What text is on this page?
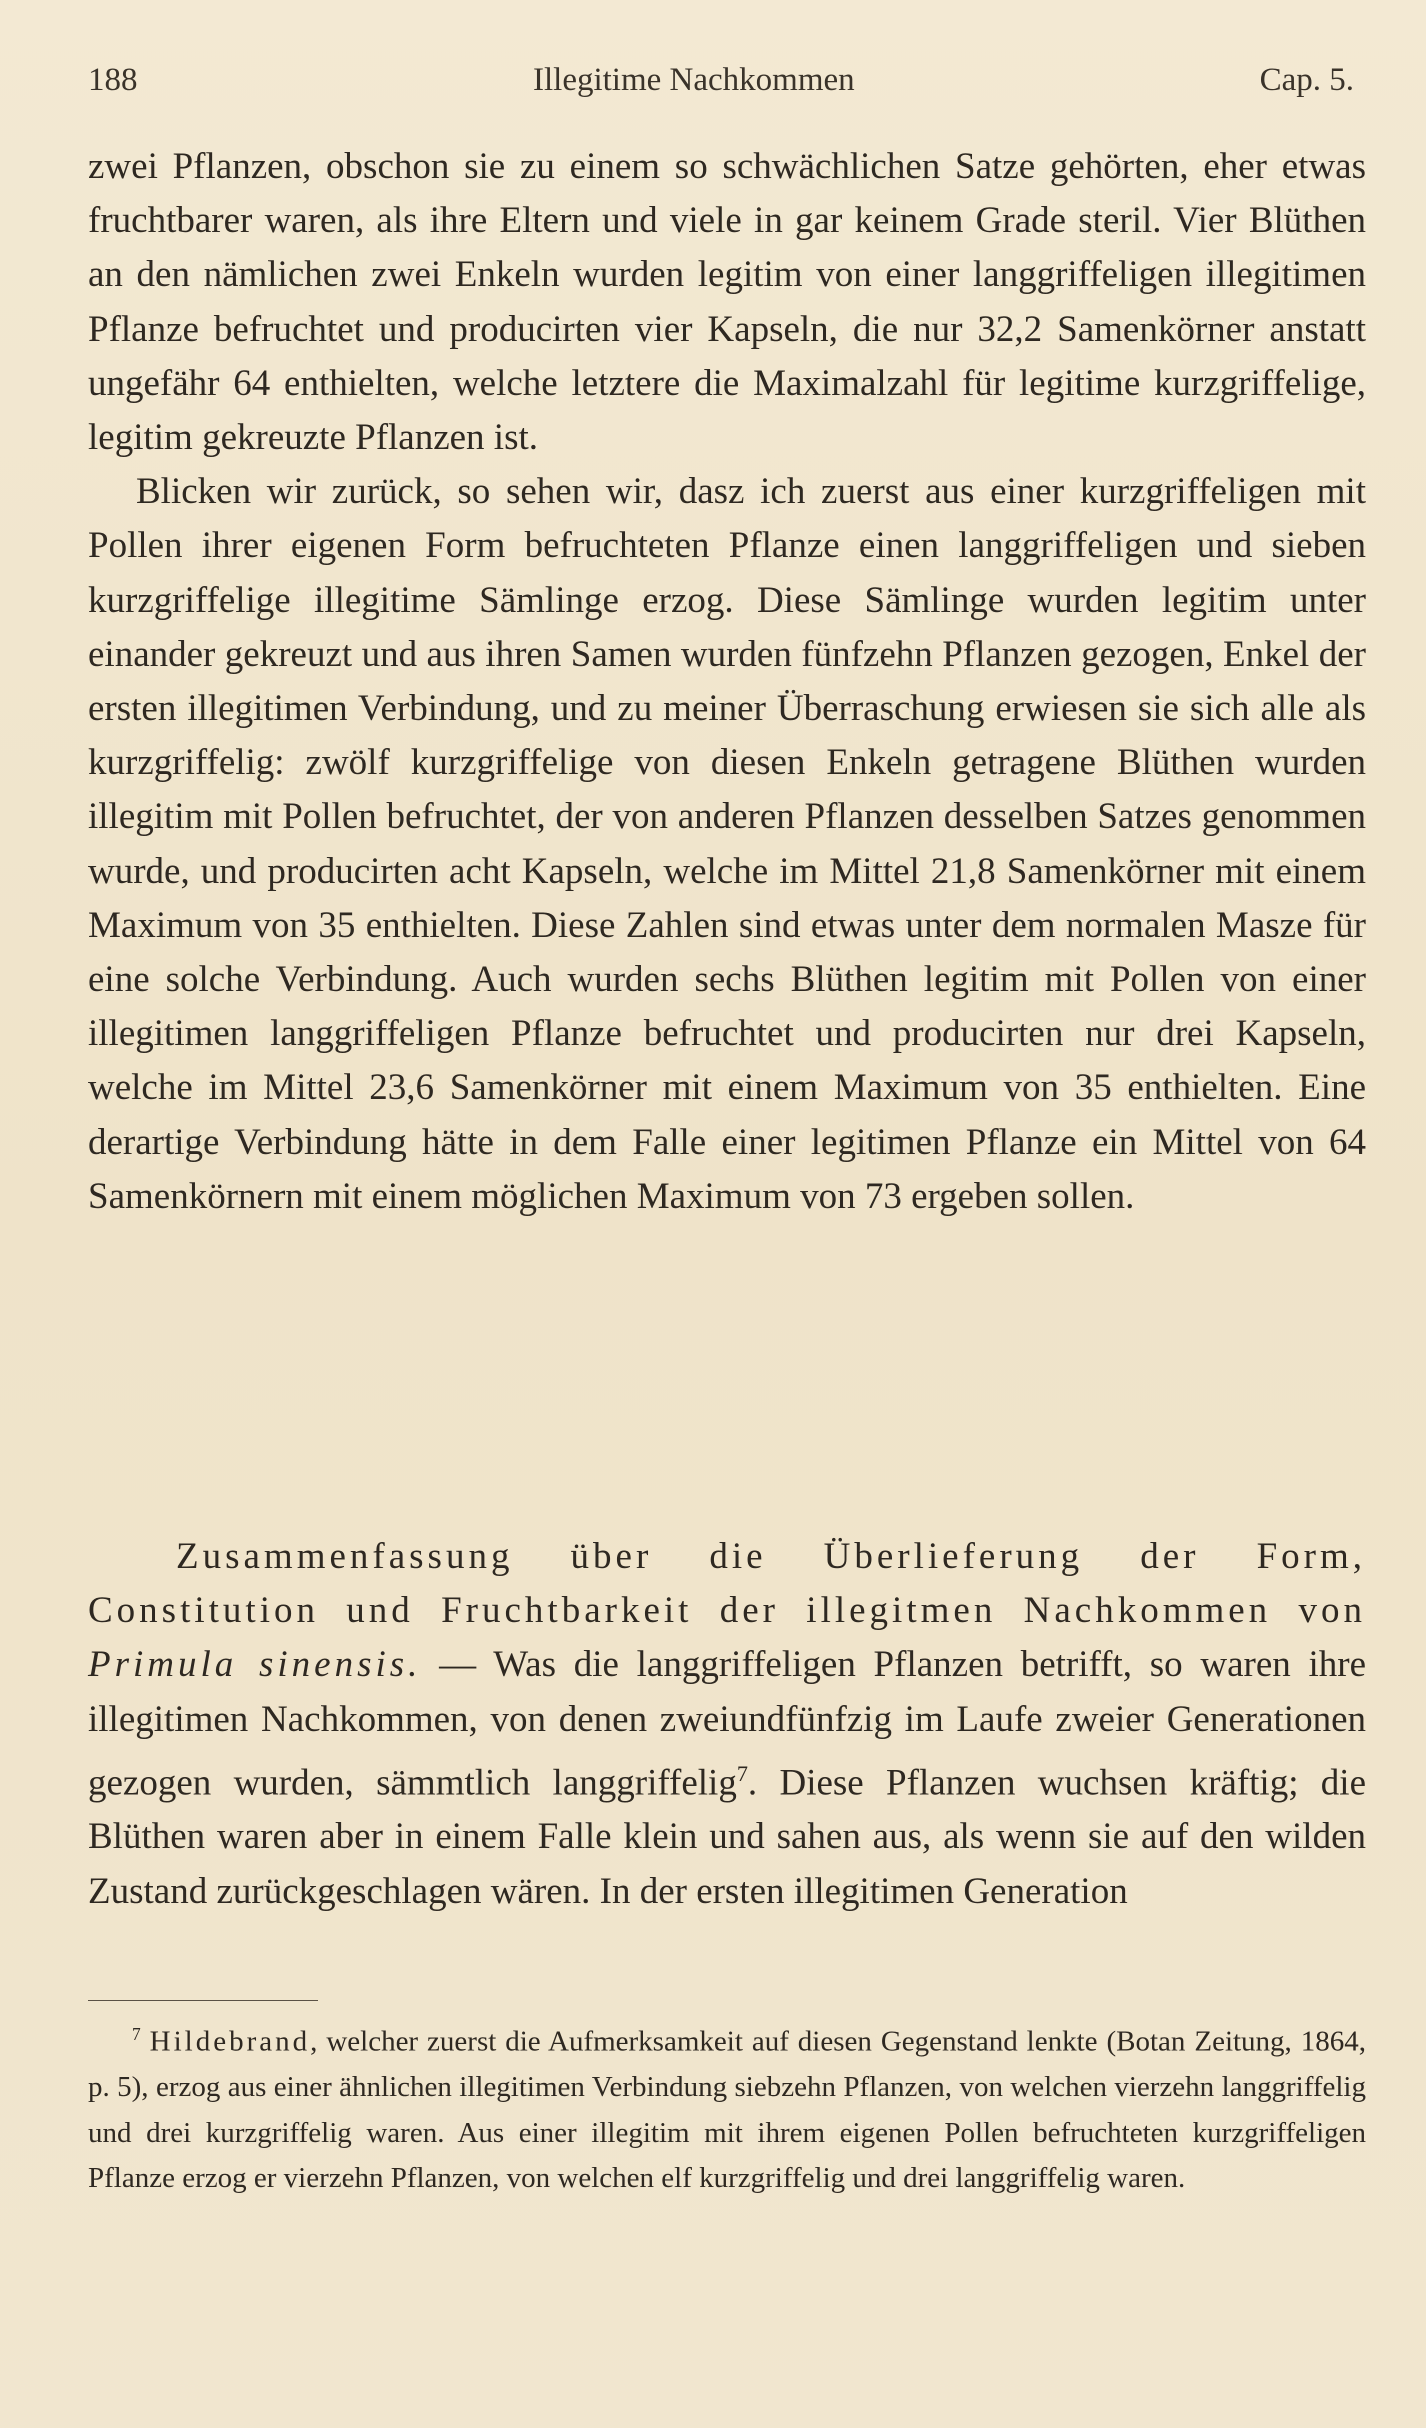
188	Illegitime Nachkommen	Cap. 5.

zwei Pflanzen, obschon sie zu einem so schwächlichen Satze gehörten, eher etwas fruchtbarer waren, als ihre Eltern und viele in gar keinem Grade steril. Vier Blüthen an den nämlichen zwei Enkeln wurden legitim von einer langgriffeligen illegitimen Pflanze befruchtet und producirten vier Kapseln, die nur 32,2 Samenkörner anstatt ungefähr 64 enthielten, welche letztere die Maximalzahl für legitime kurzgriffelige, legitim gekreuzte Pflanzen ist.

Blicken wir zurück, so sehen wir, dasz ich zuerst aus einer kurzgriffeligen mit Pollen ihrer eigenen Form befruchteten Pflanze einen langgriffeligen und sieben kurzgriffelige illegitime Sämlinge erzog. Diese Sämlinge wurden legitim unter einander gekreuzt und aus ihren Samen wurden fünfzehn Pflanzen gezogen, Enkel der ersten illegitimen Verbindung, und zu meiner Überraschung erwiesen sie sich alle als kurzgriffelig: zwölf kurzgriffelige von diesen Enkeln getragene Blüthen wurden illegitim mit Pollen befruchtet, der von anderen Pflanzen desselben Satzes genommen wurde, und producirten acht Kapseln, welche im Mittel 21,8 Samenkörner mit einem Maximum von 35 enthielten. Diese Zahlen sind etwas unter dem normalen Masze für eine solche Verbindung. Auch wurden sechs Blüthen legitim mit Pollen von einer illegitimen langgriffeligen Pflanze befruchtet und producirten nur drei Kapseln, welche im Mittel 23,6 Samenkörner mit einem Maximum von 35 enthielten. Eine derartige Verbindung hätte in dem Falle einer legitimen Pflanze ein Mittel von 64 Samenkörnern mit einem möglichen Maximum von 73 ergeben sollen.

Zusammenfassung über die Überlieferung der Form, Constitution und Fruchtbarkeit der illegitmen Nachkommen von Primula sinensis. — Was die langgriffeligen Pflanzen betrifft, so waren ihre illegitimen Nachkommen, von denen zweiundfünfzig im Laufe zweier Generationen gezogen wurden, sämmtlich langgriffelig$^7$. Diese Pflanzen wuchsen kräftig; die Blüthen waren aber in einem Falle klein und sahen aus, als wenn sie auf den wilden Zustand zurückgeschlagen wären. In der ersten illegitimen Generation

$^7$ Hildebrand, welcher zuerst die Aufmerksamkeit auf diesen Gegenstand lenkte (Botan Zeitung, 1864, p. 5), erzog aus einer ähnlichen illegitimen Verbindung siebzehn Pflanzen, von welchen vierzehn langgriffelig und drei kurzgriffelig waren. Aus einer illegitim mit ihrem eigenen Pollen befruchteten kurzgriffeligen Pflanze erzog er vierzehn Pflanzen, von welchen elf kurzgriffelig und drei langgriffelig waren.
